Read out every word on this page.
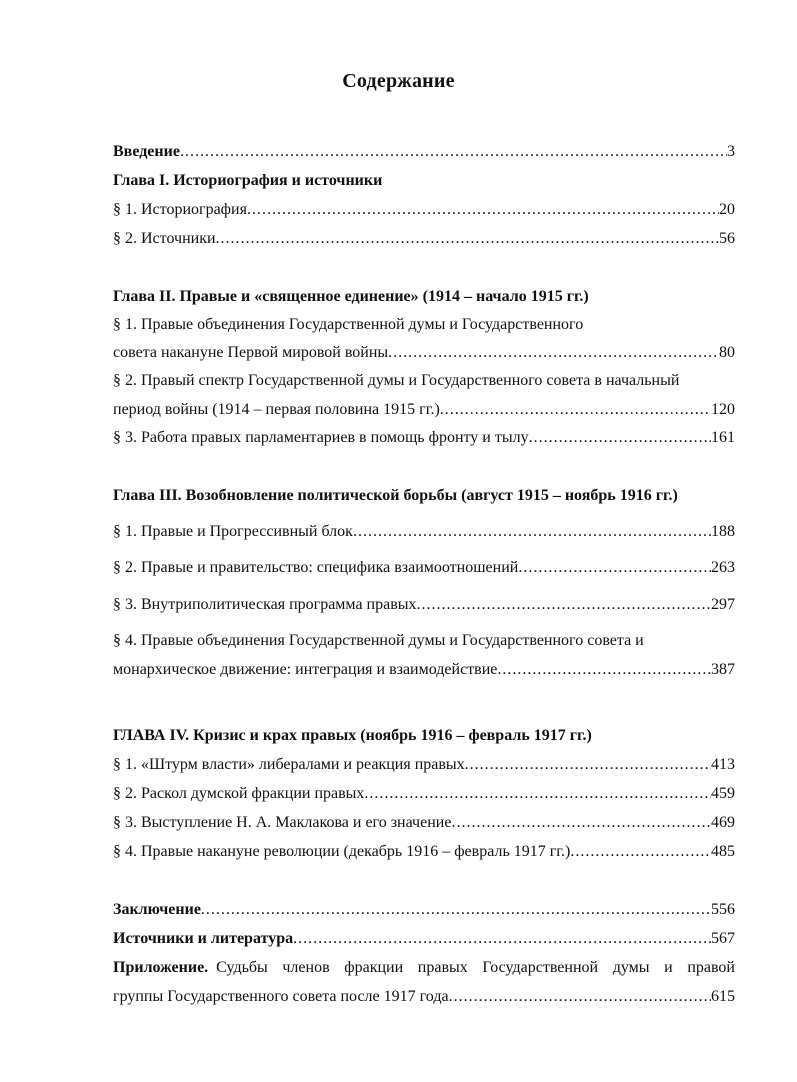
Содержание
Введение .....	3
Глава I. Историография и источники
§ 1. Историография .....	20
§ 2. Источники .....	56
Глава II. Правые и «священное единение» (1914 – начало 1915 гг.)
§ 1. Правые объединения Государственной думы и Государственного
совета накануне Первой мировой войны .....	80
§ 2. Правый спектр Государственной думы и Государственного совета в начальный
период войны (1914 – первая половина 1915 гг.) .....	120
§ 3. Работа правых парламентариев в помощь фронту и тылу .....	161
Глава III. Возобновление политической борьбы (август 1915 – ноябрь 1916 гг.)
§ 1. Правые и Прогрессивный блок .....	188
§ 2. Правые и правительство: специфика взаимоотношений .....	263
§ 3. Внутриполитическая программа правых .....	297
§ 4. Правые объединения Государственной думы и Государственного совета и
монархическое движение: интеграция и взаимодействие .....	387
ГЛАВА IV. Кризис и крах правых (ноябрь 1916 – февраль 1917 гг.)
§ 1. «Штурм власти» либералами и реакция правых .....	413
§ 2. Раскол думской фракции правых .....	459
§ 3. Выступление Н. А. Маклакова и его значение .....	469
§ 4. Правые накануне революции (декабрь 1916 – февраль 1917 гг.) .....	485
Заключение .....	556
Источники и литература .....	567
Приложение. Судьбы членов фракции правых Государственной думы и правой
группы Государственного совета после 1917 года .....	615
